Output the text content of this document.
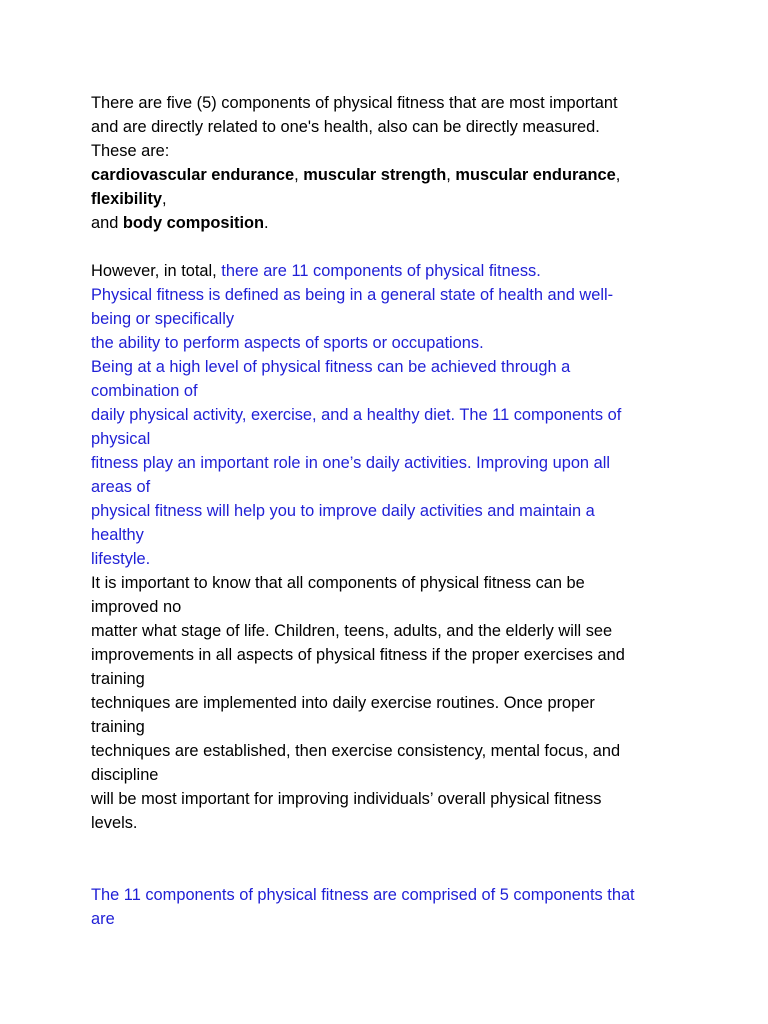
There are five (5) components of physical fitness that are most important
and are directly related to one's health, also can be directly measured.
These are:
cardiovascular endurance, muscular strength, muscular endurance,
flexibility,
and body composition.
However, in total, there are 11 components of physical fitness.
Physical fitness is defined as being in a general state of health and well-
being or specifically
the ability to perform aspects of sports or occupations.
Being at a high level of physical fitness can be achieved through a
combination of
daily physical activity, exercise, and a healthy diet. The 11 components of
physical
fitness play an important role in one’s daily activities. Improving upon all
areas of
physical fitness will help you to improve daily activities and maintain a
healthy
lifestyle.
It is important to know that all components of physical fitness can be
improved no
matter what stage of life. Children, teens, adults, and the elderly will see
improvements in all aspects of physical fitness if the proper exercises and
training
techniques are implemented into daily exercise routines. Once proper
training
techniques are established, then exercise consistency, mental focus, and
discipline
will be most important for improving individuals’ overall physical fitness
levels.
The 11 components of physical fitness are comprised of 5 components that
are
